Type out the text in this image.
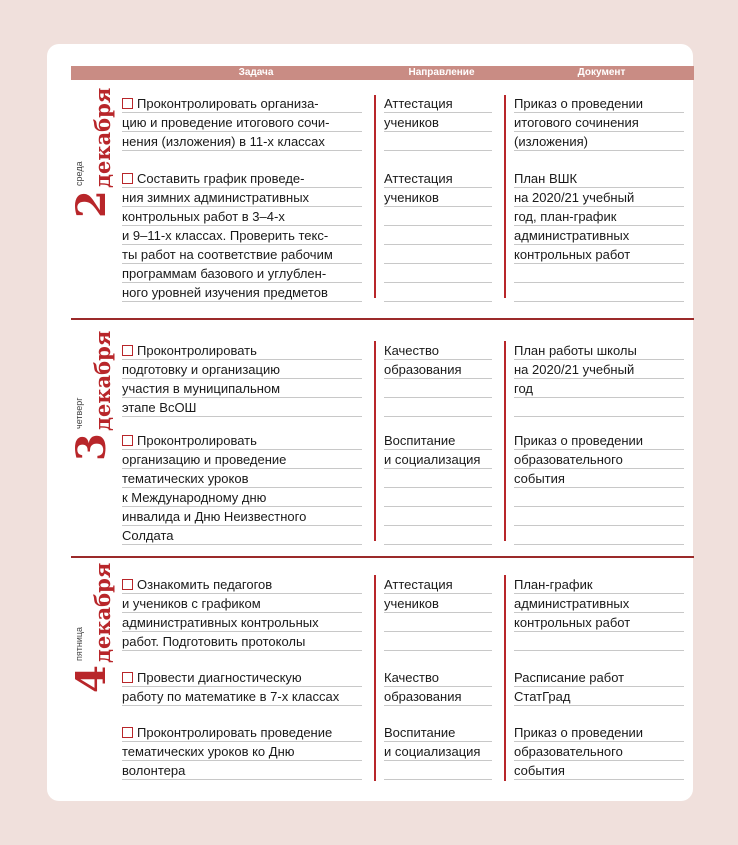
Задача	Направление	Документ
2
среда декабря
3
четверг декабря
4
пятница декабря
Проконтролировать организа-
цию и проведение итогового сочи-
нения (изложения) в 11-х классах
Составить график проведе-
ния зимних административных
контрольных работ в 3–4-х
и 9–11-х классах. Проверить текс-
ты работ на соответствие рабочим
программам базового и углублен-
ного уровней изучения предметов
Аттестация
учеников
Аттестация
учеников
Приказ о проведении
итогового сочинения
(изложения)
План ВШК
на 2020/21 учебный
год, план-график
административных
контрольных работ
Проконтролировать
подготовку и организацию
участия в муниципальном
этапе ВсОШ
Проконтролировать
организацию и проведение
тематических уроков
к Международному дню
инвалида и Дню Неизвестного
Солдата
Качество
образования
Воспитание
и социализация
План работы школы
на 2020/21 учебный
год
Приказ о проведении
образовательного
события
Ознакомить педагогов
и учеников с графиком
административных контрольных
работ. Подготовить протоколы
Провести диагностическую
работу по математике в 7-х классах
Проконтролировать проведение
тематических уроков ко Дню
волонтера
Аттестация
учеников
Качество
образования
Воспитание
и социализация
План-график
административных
контрольных работ
Расписание работ
СтатГрад
Приказ о проведении
образовательного
события
